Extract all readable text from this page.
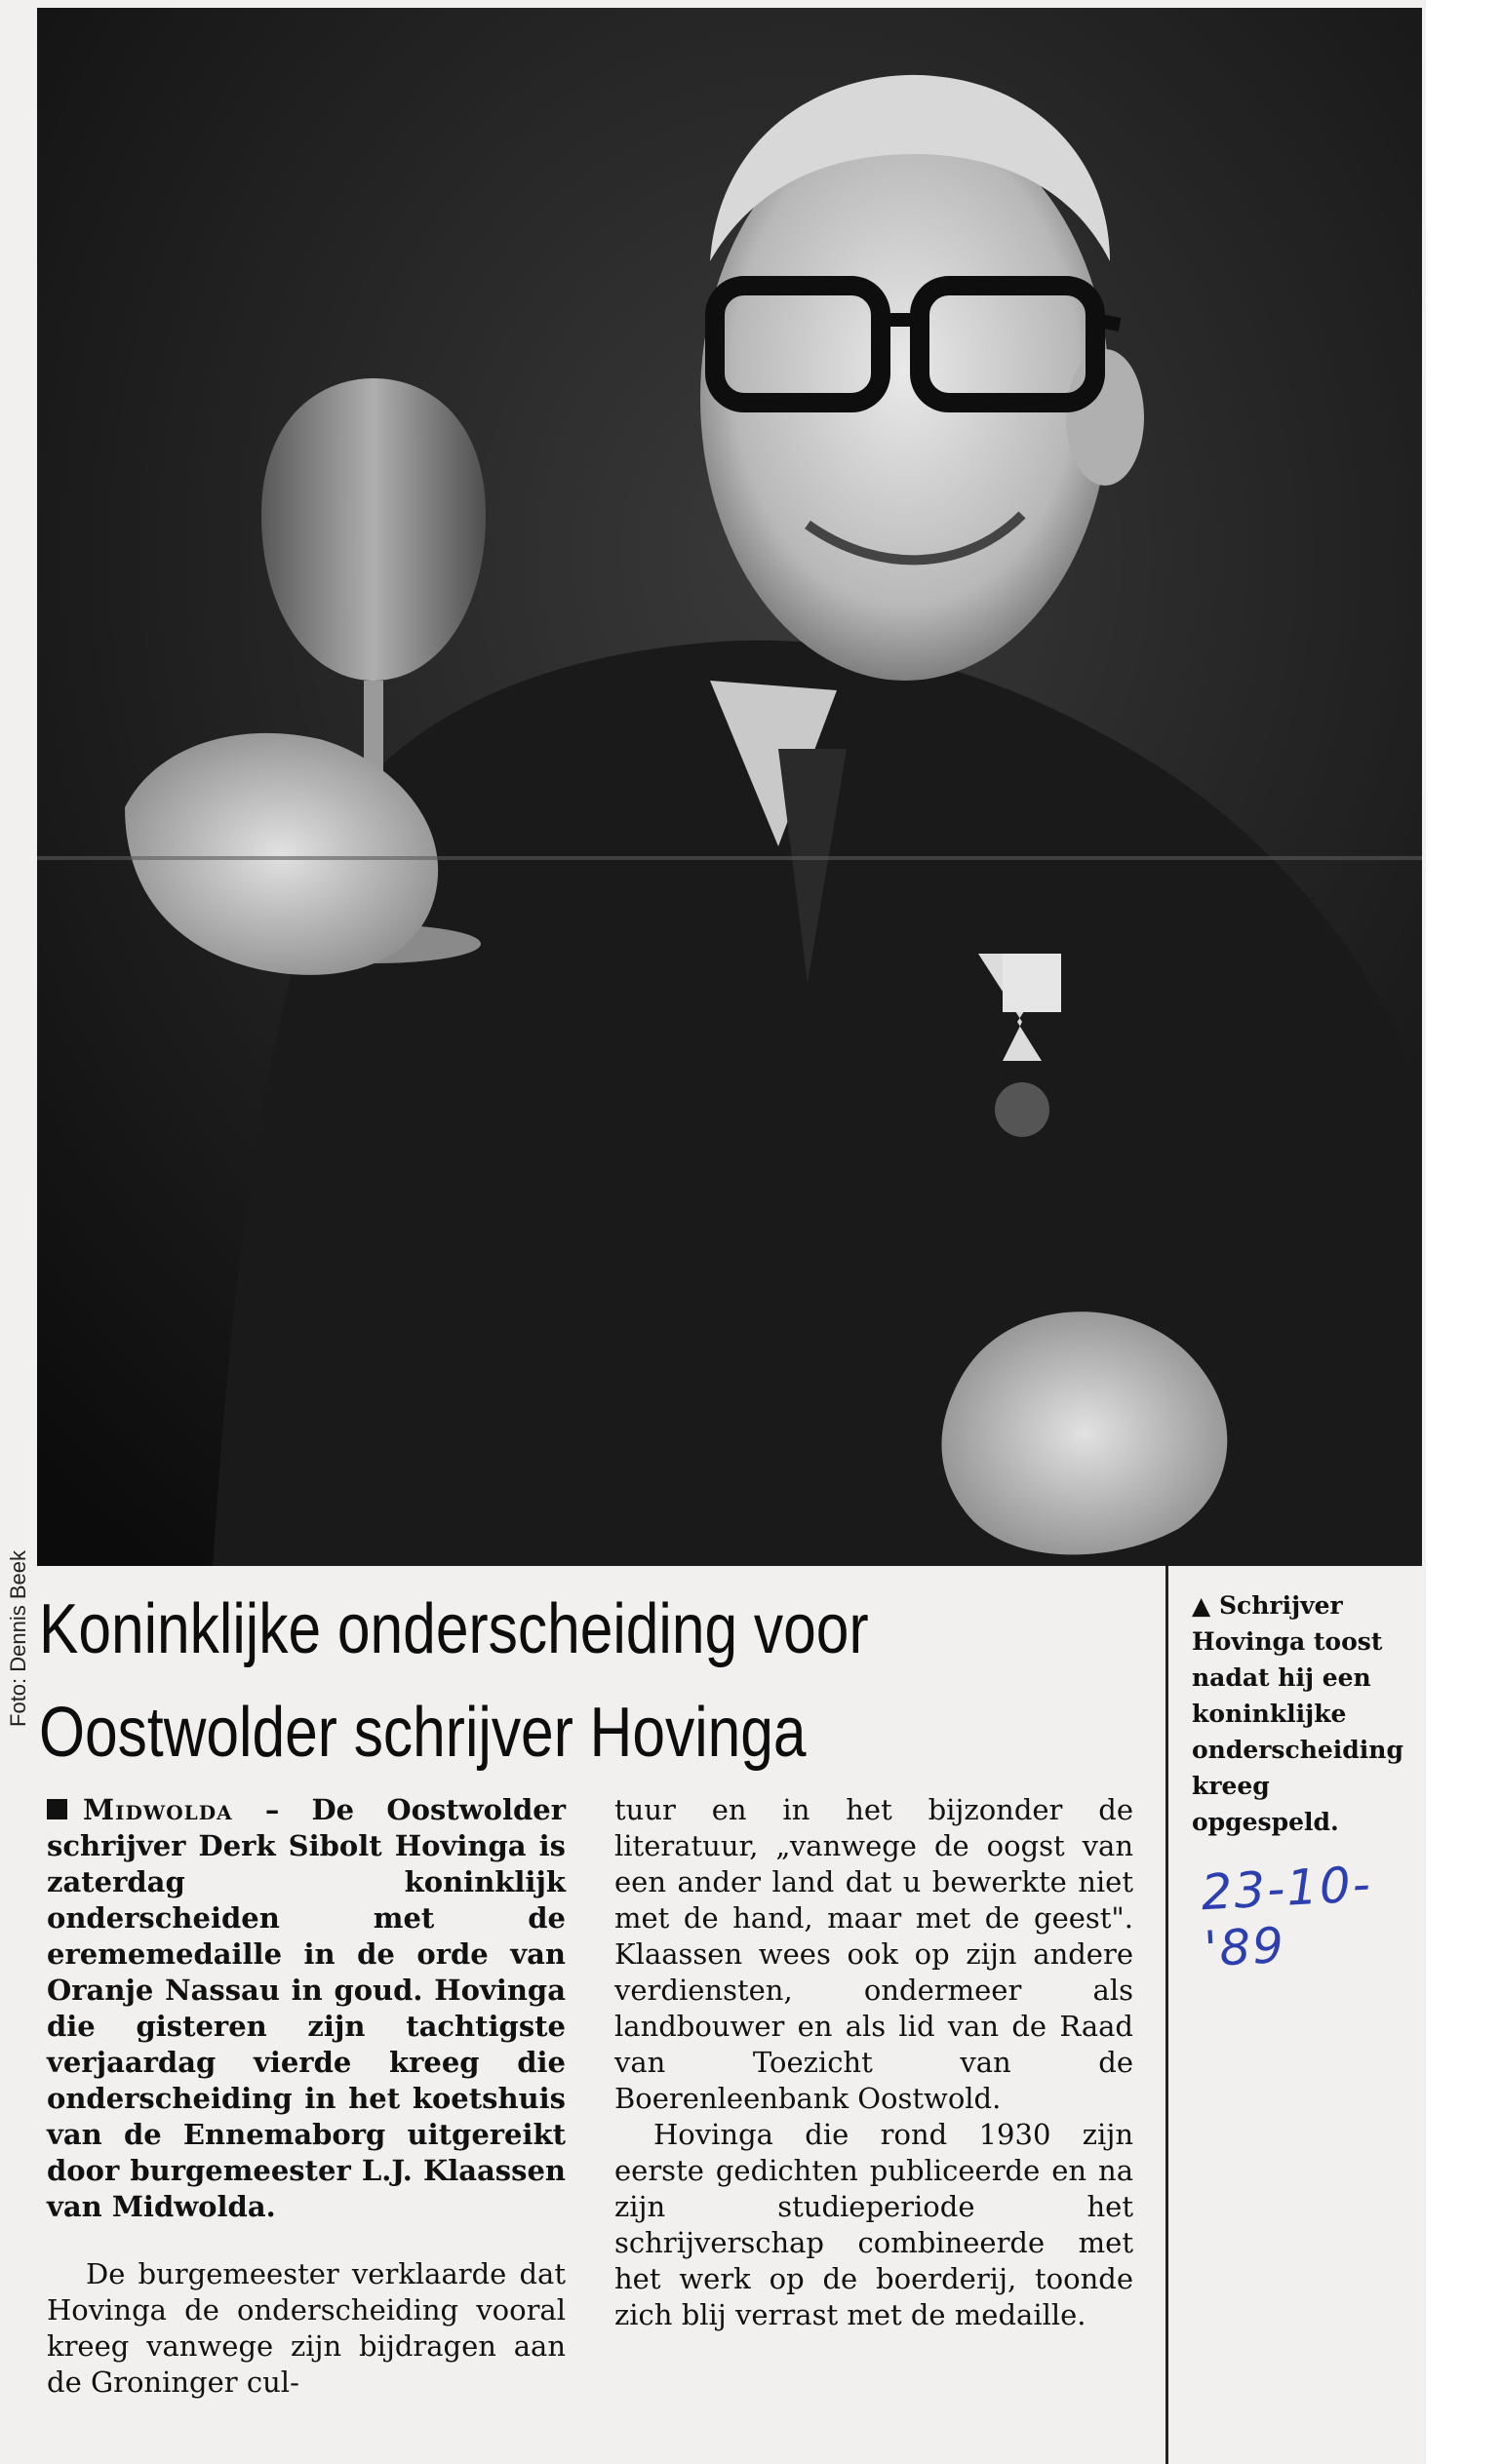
Foto: Dennis Beek Koninklijke onderscheiding voor
Oostwolder schrijver Hovinga
▲ Schrijver Hovinga toost nadat hij een koninklijke onderscheiding kreeg opgespeld.
23-10-'89

Midwolda – De Oostwolder schrijver Derk Sibolt Hovinga is zaterdag koninklijk onderscheiden met de erememedaille in de orde van Oranje Nassau in goud. Hovinga die gisteren zijn tachtigste verjaardag vierde kreeg die onderscheiding in het koetshuis van de Ennemaborg uitgereikt door burgemeester L.J. Klaassen van Midwolda.

De burgemeester verklaarde dat Hovinga de onderscheiding vooral kreeg vanwege zijn bijdragen aan de Groninger cul-

tuur en in het bijzonder de literatuur, „vanwege de oogst van een ander land dat u bewerkte niet met de hand, maar met de geest". Klaassen wees ook op zijn andere verdiensten, ondermeer als landbouwer en als lid van de Raad van Toezicht van de Boerenleenbank Oostwold.

Hovinga die rond 1930 zijn eerste gedichten publiceerde en na zijn studieperiode het schrijverschap combineerde met het werk op de boerderij, toonde zich blij verrast met de medaille.
